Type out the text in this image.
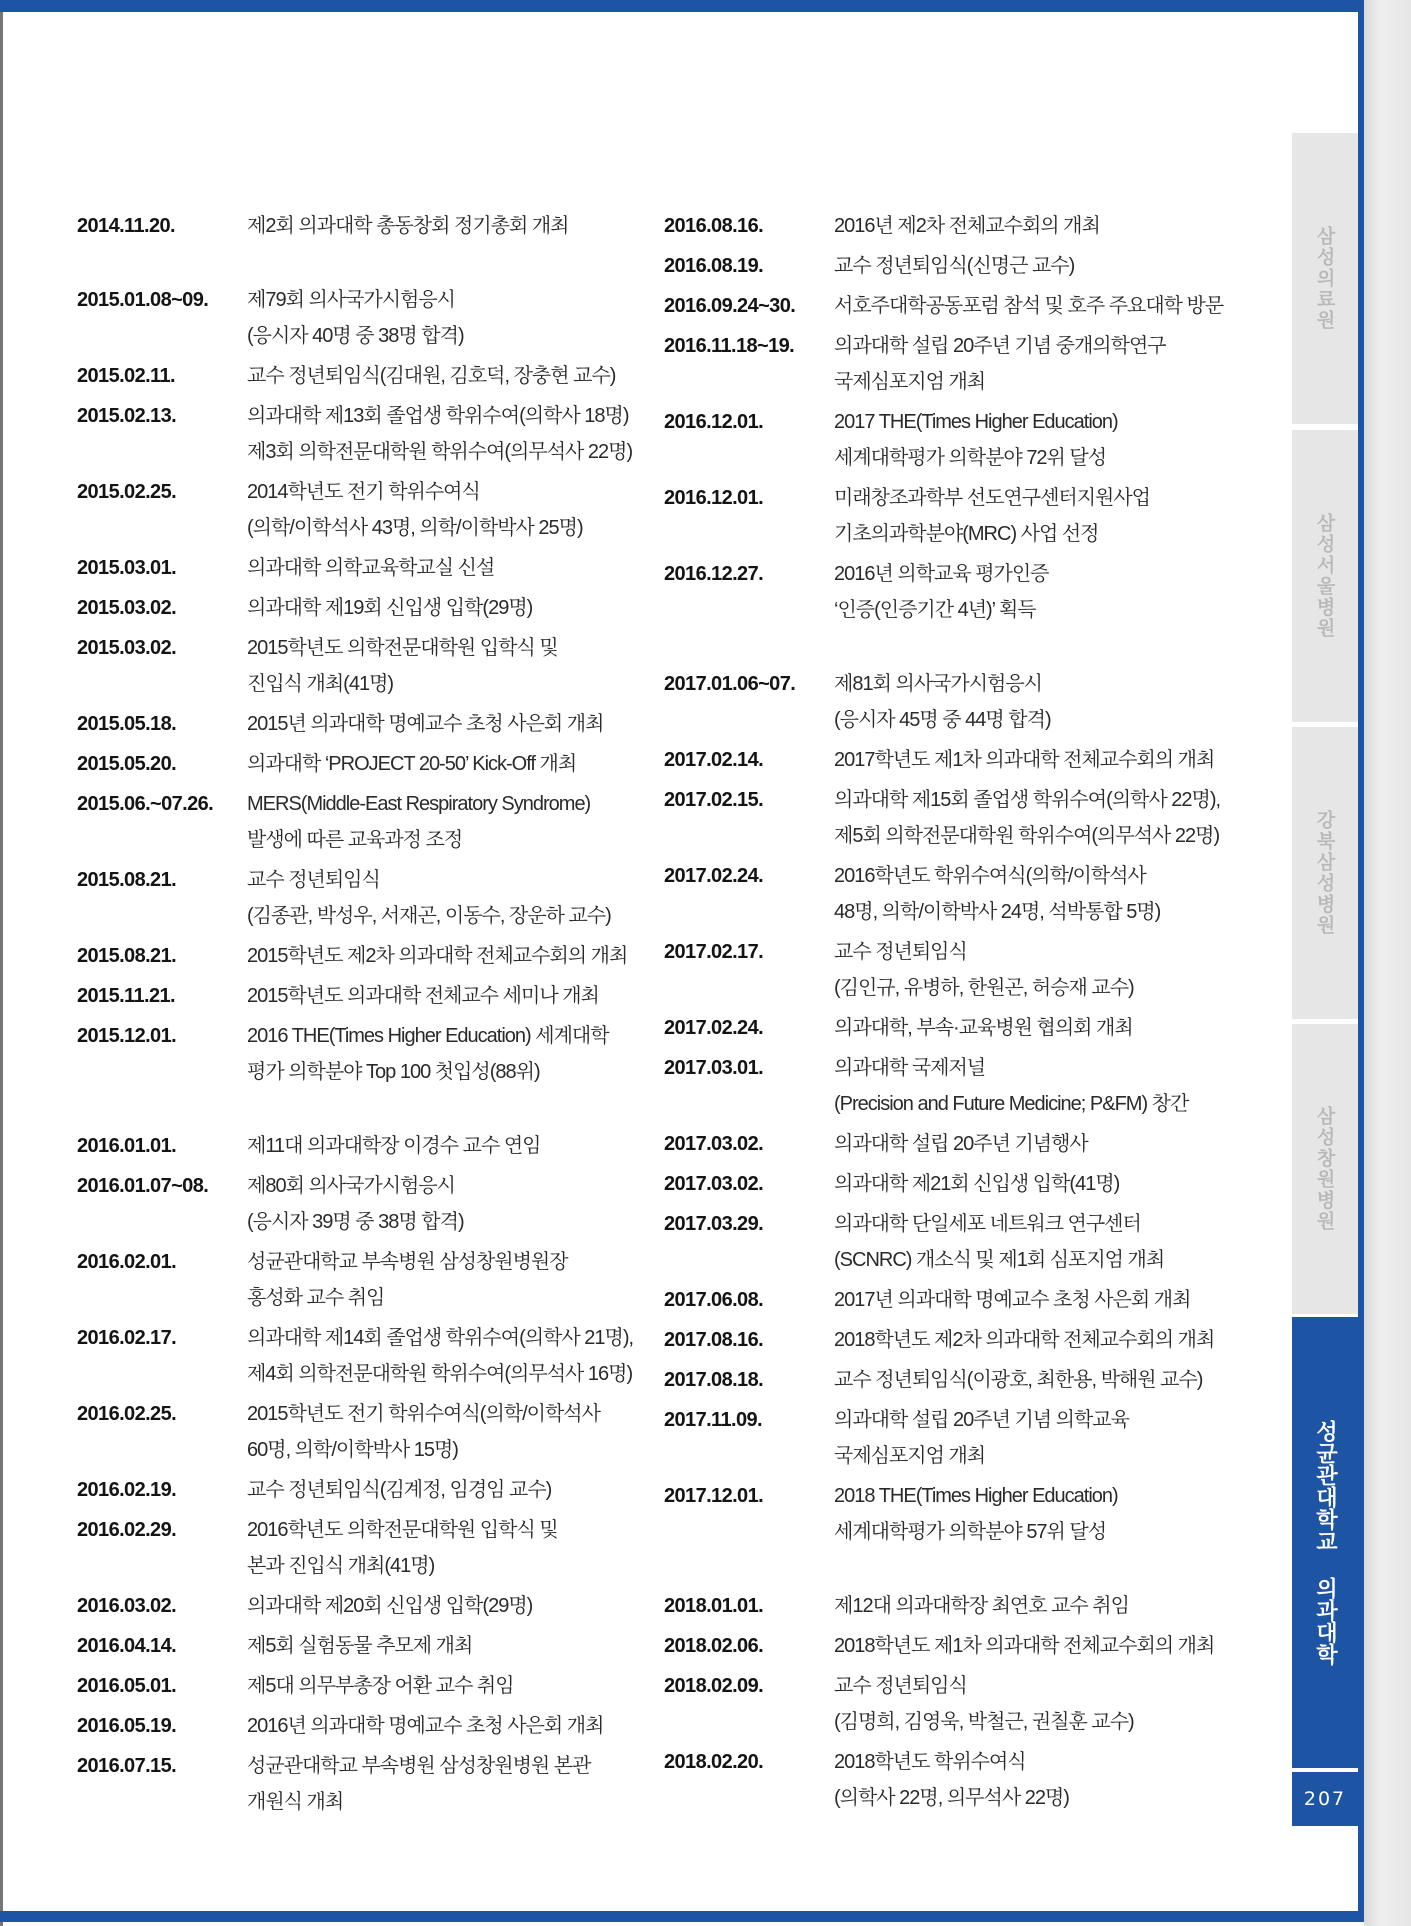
2014.11.20.	제2회 의과대학 총동창회 정기총회 개최
2015.01.08~09.	제79회 의사국가시험응시
(응시자 40명 중 38명 합격)
2015.02.11.	교수 정년퇴임식(김대원, 김호덕, 장충현 교수)
2015.02.13.	의과대학 제13회 졸업생 학위수여(의학사 18명)
제3회 의학전문대학원 학위수여(의무석사 22명)
2015.02.25.	2014학년도 전기 학위수여식
(의학/이학석사 43명, 의학/이학박사 25명)
2015.03.01.	의과대학 의학교육학교실 신설
2015.03.02.	의과대학 제19회 신입생 입학(29명)
2015.03.02.	2015학년도 의학전문대학원 입학식 및
진입식 개최(41명)
2015.05.18.	2015년 의과대학 명예교수 초청 사은회 개최
2015.05.20.	의과대학 ‘PROJECT 20-50’ Kick-Off 개최
2015.06.~07.26.	MERS(Middle-East Respiratory Syndrome)
발생에 따른 교육과정 조정
2015.08.21.	교수 정년퇴임식
(김종관, 박성우, 서재곤, 이동수, 장운하 교수)
2015.08.21.	2015학년도 제2차 의과대학 전체교수회의 개최
2015.11.21.	2015학년도 의과대학 전체교수 세미나 개최
2015.12.01.	2016 THE(Times Higher Education) 세계대학
평가 의학분야 Top 100 첫입성(88위)
2016.01.01.	제11대 의과대학장 이경수 교수 연임
2016.01.07~08.	제80회 의사국가시험응시
(응시자 39명 중 38명 합격)
2016.02.01.	성균관대학교 부속병원 삼성창원병원장
홍성화 교수 취임
2016.02.17.	의과대학 제14회 졸업생 학위수여(의학사 21명),
제4회 의학전문대학원 학위수여(의무석사 16명)
2016.02.25.	2015학년도 전기 학위수여식(의학/이학석사
60명, 의학/이학박사 15명)
2016.02.19.	교수 정년퇴임식(김계정, 임경임 교수)
2016.02.29.	2016학년도 의학전문대학원 입학식 및
본과 진입식 개최(41명)
2016.03.02.	의과대학 제20회 신입생 입학(29명)
2016.04.14.	제5회 실험동물 추모제 개최
2016.05.01.	제5대 의무부총장 어환 교수 취임
2016.05.19.	2016년 의과대학 명예교수 초청 사은회 개최
2016.07.15.	성균관대학교 부속병원 삼성창원병원 본관
개원식 개최
2016.08.16.	2016년 제2차 전체교수회의 개최
2016.08.19.	교수 정년퇴임식(신명근 교수)
2016.09.24~30.	서호주대학공동포럼 참석 및 호주 주요대학 방문
2016.11.18~19.	의과대학 설립 20주년 기념 중개의학연구
국제심포지엄 개최
2016.12.01.	2017 THE(Times Higher Education)
세계대학평가 의학분야 72위 달성
2016.12.01.	미래창조과학부 선도연구센터지원사업
기초의과학분야(MRC) 사업 선정
2016.12.27.	2016년 의학교육 평가인증
‘인증(인증기간 4년)’ 획득
2017.01.06~07.	제81회 의사국가시험응시
(응시자 45명 중 44명 합격)
2017.02.14.	2017학년도 제1차 의과대학 전체교수회의 개최
2017.02.15.	의과대학 제15회 졸업생 학위수여(의학사 22명),
제5회 의학전문대학원 학위수여(의무석사 22명)
2017.02.24.	2016학년도 학위수여식(의학/이학석사
48명, 의학/이학박사 24명, 석박통합 5명)
2017.02.17.	교수 정년퇴임식
(김인규, 유병하, 한원곤, 허승재 교수)
2017.02.24.	의과대학, 부속·교육병원 협의회 개최
2017.03.01.	의과대학 국제저널
(Precision and Future Medicine; P&FM) 창간
2017.03.02.	의과대학 설립 20주년 기념행사
2017.03.02.	의과대학 제21회 신입생 입학(41명)
2017.03.29.	의과대학 단일세포 네트워크 연구센터
(SCNRC) 개소식 및 제1회 심포지엄 개최
2017.06.08.	2017년 의과대학 명예교수 초청 사은회 개최
2017.08.16.	2018학년도 제2차 의과대학 전체교수회의 개최
2017.08.18.	교수 정년퇴임식(이광호, 최한용, 박해원 교수)
2017.11.09.	의과대학 설립 20주년 기념 의학교육
국제심포지엄 개최
2017.12.01.	2018 THE(Times Higher Education)
세계대학평가 의학분야 57위 달성
2018.01.01.	제12대 의과대학장 최연호 교수 취임
2018.02.06.	2018학년도 제1차 의과대학 전체교수회의 개최
2018.02.09.	교수 정년퇴임식
(김명희, 김영욱, 박철근, 권칠훈 교수)
2018.02.20.	2018학년도 학위수여식
(의학사 22명, 의무석사 22명)
삼성의료원
삼성서울병원
강북삼성병원
삼성창원병원
성균관대학교 의과대학
207
